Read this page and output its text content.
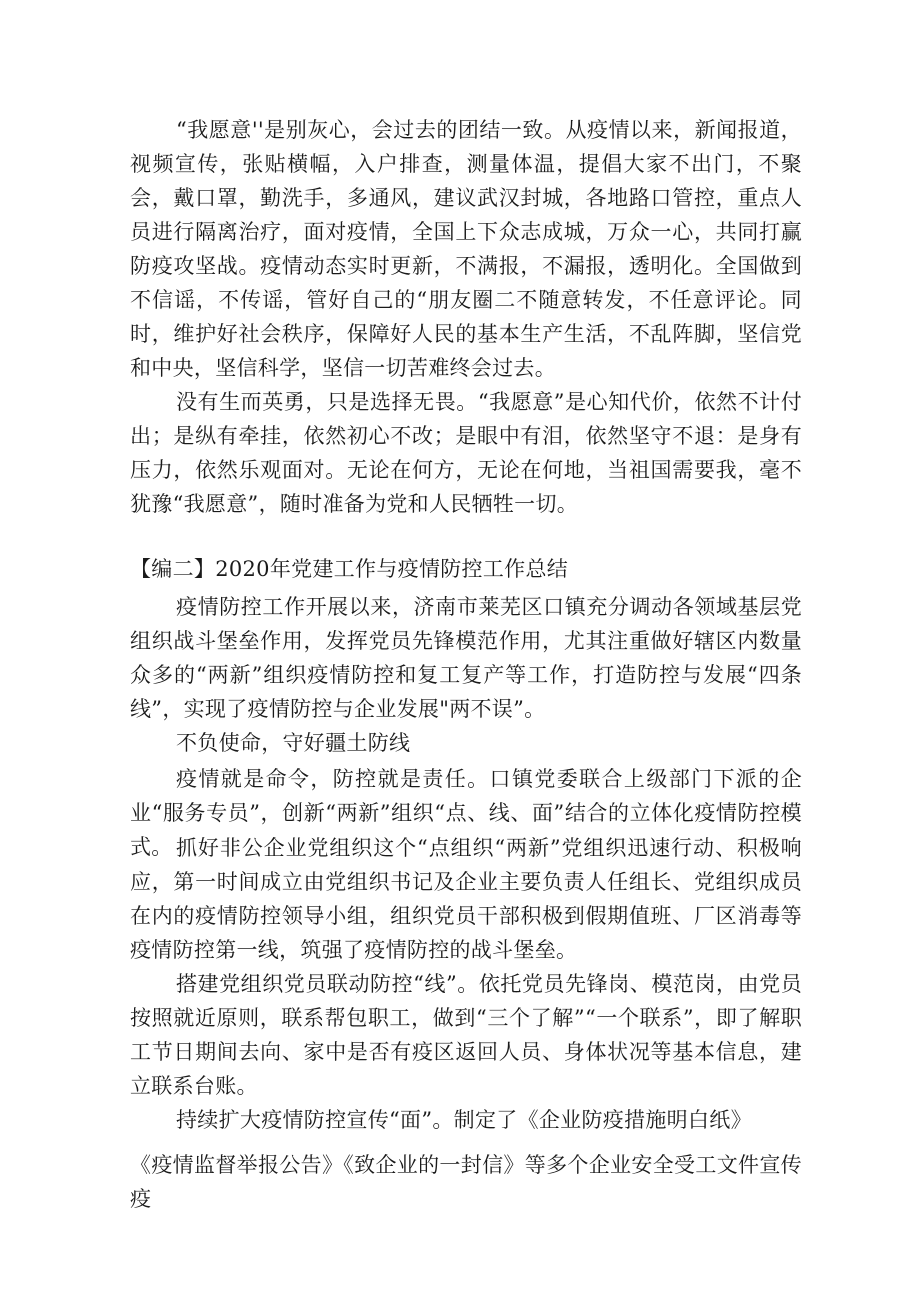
“我愿意''是别灰心，会过去的团结一致。从疫情以来，新闻报道，视频宣传，张贴横幅，入户排查，测量体温，提倡大家不出门，不聚会，戴口罩，勤洗手，多通风，建议武汉封城，各地路口管控，重点人员进行隔离治疗，面对疫情，全国上下众志成城，万众一心，共同打赢防疫攻坚战。疫情动态实时更新，不满报，不漏报，透明化。全国做到不信谣，不传谣，管好自己的“朋友圈二不随意转发，不任意评论。同时，维护好社会秩序，保障好人民的基本生产生活，不乱阵脚，坚信党和中央，坚信科学，坚信一切苦难终会过去。

没有生而英勇，只是选择无畏。“我愿意”是心知代价，依然不计付出；是纵有牵挂，依然初心不改；是眼中有泪，依然坚守不退：是身有压力，依然乐观面对。无论在何方，无论在何地，当祖国需要我，毫不犹豫“我愿意”，随时准备为党和人民牺牲一切。

【编二】2020年党建工作与疫情防控工作总结

疫情防控工作开展以来，济南市莱芜区口镇充分调动各领域基层党组织战斗堡垒作用，发挥党员先锋模范作用，尤其注重做好辖区内数量众多的“两新”组织疫情防控和复工复产等工作，打造防控与发展“四条线”，实现了疫情防控与企业发展"两不误”。

不负使命，守好疆土防线

疫情就是命令，防控就是责任。口镇党委联合上级部门下派的企业“服务专员”，创新“两新”组织“点、线、面”结合的立体化疫情防控模式。 抓好非公企业党组织这个“点组织“两新”党组织迅速行动、积极响应，第一时间成立由党组织书记及企业主要负责人任组长、党组织成员在内的疫情防控领导小组，组织党员干部积极到假期值班、厂区消毒等疫情防控第一线，筑强了疫情防控的战斗堡垒。

搭建党组织党员联动防控“线”。依托党员先锋岗、模范岗，由党员按照就近原则，联系帮包职工，做到“三个了解”“一个联系”，即了解职工节日期间去向、家中是否有疫区返回人员、身体状况等基本信息，建立联系台账。

持续扩大疫情防控宣传“面”。制定了《企业防疫措施明白纸》

《疫情监督举报公告》《致企业的一封信》等多个企业安全受工文件宣传疫
